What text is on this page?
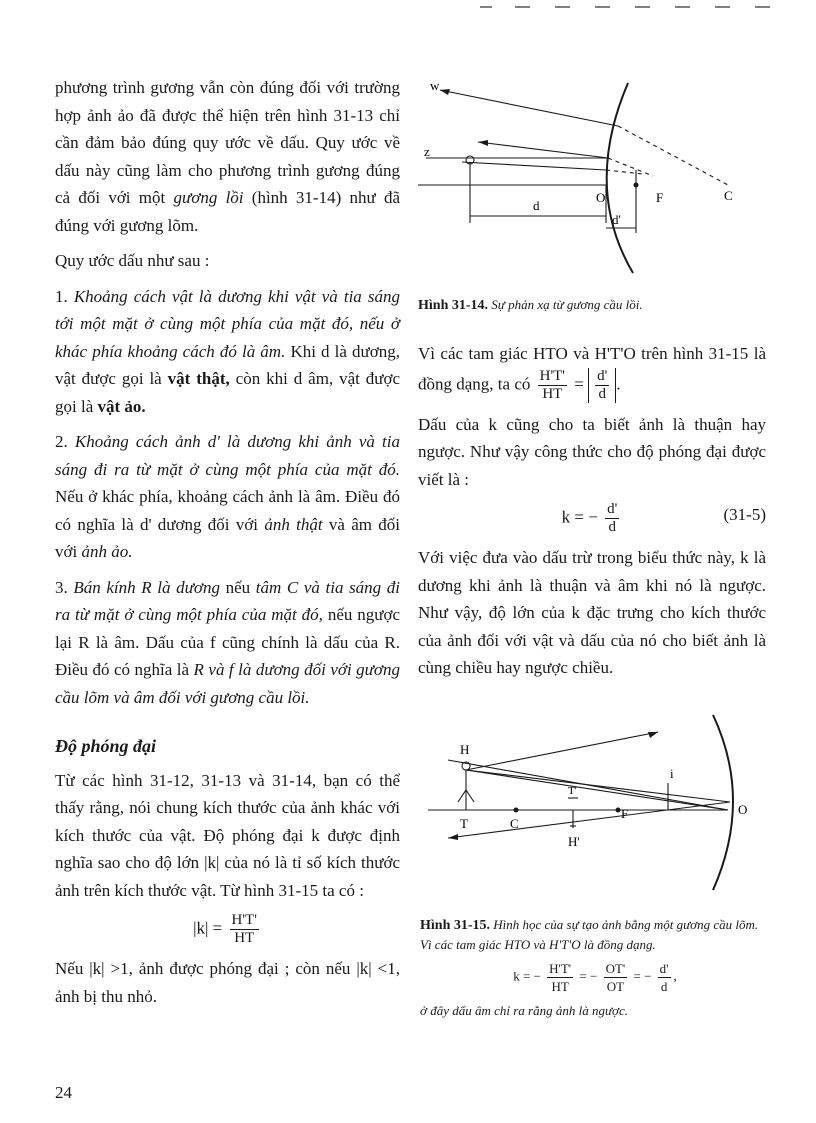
phương trình gương vẫn còn đúng đối với trường hợp ảnh ảo đã được thể hiện trên hình 31-13 chỉ cần đảm bảo đúng quy ước về dấu. Quy ước về dấu này cũng làm cho phương trình gương đúng cả đối với một gương lồi (hình 31-14) như đã đúng với gương lõm.

Quy ước dấu như sau :

1. Khoảng cách vật là dương khi vật và tia sáng tới một mặt ở cùng một phía của mặt đó, nếu ở khác phía khoảng cách đó là âm. Khi d là dương, vật được gọi là vật thật, còn khi d âm, vật được gọi là vật ảo.

2. Khoảng cách ảnh d' là dương khi ảnh và tia sáng đi ra từ mặt ở cùng một phía của mặt đó. Nếu ở khác phía, khoảng cách ảnh là âm. Điều đó có nghĩa là d' dương đối với ảnh thật và âm đối với ảnh ảo.

3. Bán kính R là dương nếu tâm C và tia sáng đi ra từ mặt ở cùng một phía của mặt đó, nếu ngược lại R là âm. Dấu của f cũng chính là dấu của R. Điều đó có nghĩa là R và f là dương đối với gương cầu lõm và âm đối với gương cầu lồi.

Độ phóng đại

Từ các hình 31-12, 31-13 và 31-14, bạn có thể thấy rằng, nói chung kích thước của ảnh khác với kích thước của vật. Độ phóng đại k được định nghĩa sao cho độ lớn |k| của nó là tỉ số kích thước ảnh trên kích thước vật. Từ hình 31-15 ta có :

$|k| = \frac{H'T'}{HT}$

Nếu |k| >1, ảnh được phóng đại ; còn nếu |k| <1, ảnh bị thu nhỏ.

w
z
O	F	C
d
d'
Hình 31-14. Sự phản xạ từ gương cầu lồi.

Vì các tam giác HTO và H'T'O trên hình 31-15 là đồng dạng, ta có $\frac{H'T'}{HT} = \frac{d'}{d}$ .

Dấu của k cũng cho ta biết ảnh là thuận hay ngược. Như vậy công thức cho độ phóng đại được viết là :

k = − $\frac{d'}{d}$	(31-5)

Với việc đưa vào dấu trừ trong biểu thức này, k là dương khi ảnh là thuận và âm khi nó là ngược. Như vậy, độ lớn của k đặc trưng cho kích thước của ảnh đối với vật và dấu của nó cho biết ảnh là cùng chiều hay ngược chiều.

H
T	C
T'
F
H'
i
O
Hình 31-15. Hình học của sự tạo ảnh bằng một gương cầu lõm. Vì các tam giác HTO và H'T'O là đồng dạng.
k = − $\frac{H'T'}{HT}$ = − $\frac{OT'}{OT}$ = − $\frac{d'}{d}$ ,
ở đây dấu âm chỉ ra rằng ảnh là ngược.
24
